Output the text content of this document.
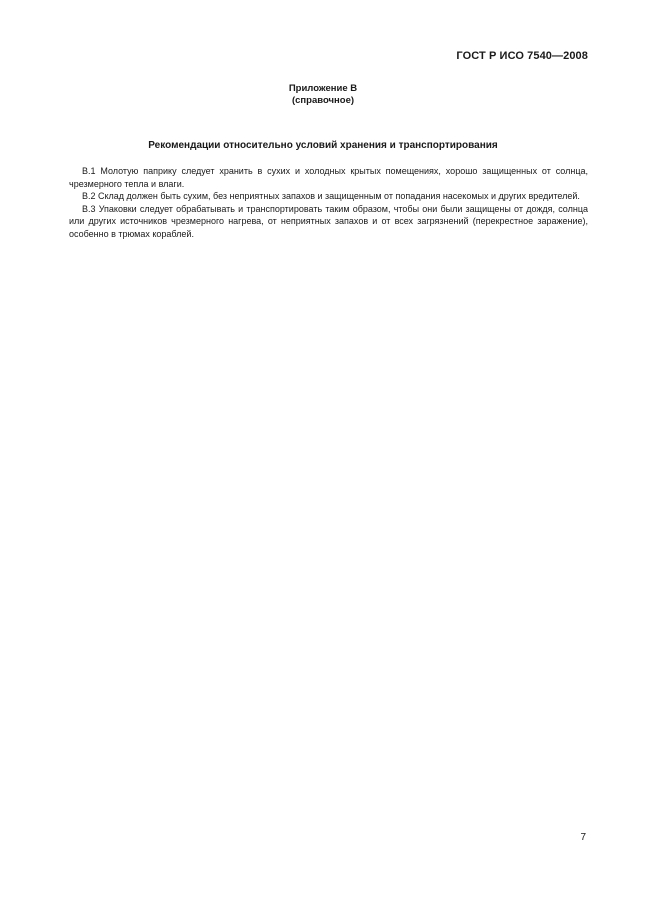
ГОСТ Р ИСО 7540—2008
Приложение В
(справочное)
Рекомендации относительно условий хранения и транспортирования

В.1 Молотую паприку следует хранить в сухих и холодных крытых помещениях, хорошо защищенных от солнца, чрезмерного тепла и влаги.

В.2 Склад должен быть сухим, без неприятных запахов и защищенным от попадания насекомых и других вредителей.

В.3 Упаковки следует обрабатывать и транспортировать таким образом, чтобы они были защищены от дождя, солнца или других источников чрезмерного нагрева, от неприятных запахов и от всех загрязнений (перекрестное заражение), особенно в трюмах кораблей.

7
